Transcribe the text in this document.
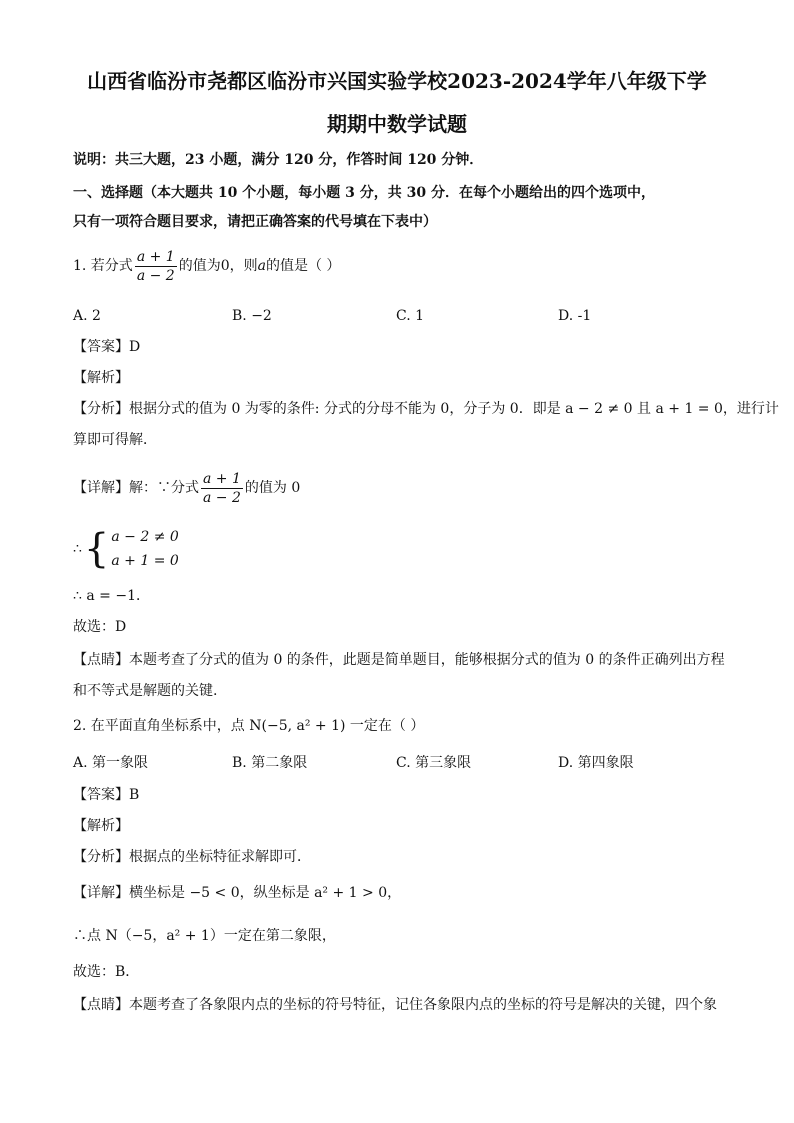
山西省临汾市尧都区临汾市兴国实验学校2023-2024学年八年级下学
期期中数学试题
说明：共三大题，23 小题，满分 120 分，作答时间 120 分钟．
一、选择题（本大题共 10 个小题，每小题 3 分，共 30 分．在每个小题给出的四个选项中，
只有一项符合题目要求，请把正确答案的代号填在下表中）
1. 若分式 $\frac{a + 1}{a - 2}$ 的值为0，则a的值是（ ）
A. 2	B. −2	C. 1	D. -1
【答案】D
【解析】
【分析】根据分式的值为 0 为零的条件: 分式的分母不能为 0，分子为 0．即是 a − 2 ≠ 0 且 a + 1 = 0，进行计
算即可得解．
【详解】解：∵分式 $\frac{a + 1}{a - 2}$ 的值为 0
∴ { a − 2 ≠ 0
a + 1 = 0
∴ a = −1．
故选：D
【点睛】本题考查了分式的值为 0 的条件，此题是简单题目，能够根据分式的值为 0 的条件正确列出方程
和不等式是解题的关键.
2. 在平面直角坐标系中，点 N(−5, a² + 1) 一定在（ ）
A. 第一象限	B. 第二象限	C. 第三象限	D. 第四象限
【答案】B
【解析】
【分析】根据点的坐标特征求解即可．
【详解】横坐标是 −5 < 0，纵坐标是 a² + 1 > 0，
∴点 N（−5，a² + 1）一定在第二象限，
故选：B．
【点睛】本题考查了各象限内点的坐标的符号特征，记住各象限内点的坐标的符号是解决的关键，四个象
